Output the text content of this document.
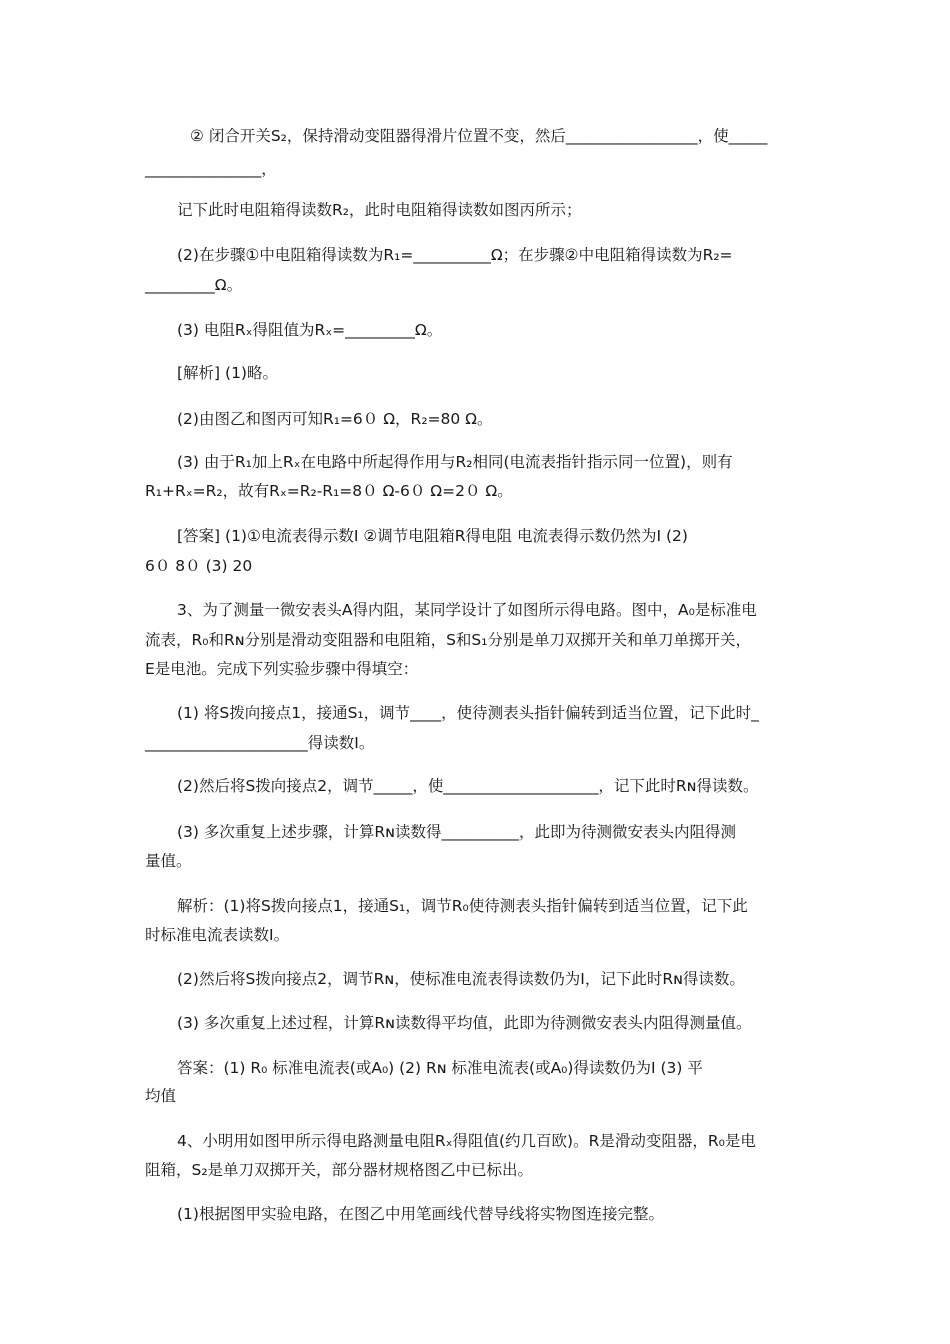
② 闭合开关S₂，保持滑动变阻器得滑片位置不变，然后_________________，使_____
_______________，
记下此时电阻箱得读数R₂，此时电阻箱得读数如图丙所示；
(2)在步骤①中电阻箱得读数为R₁=__________Ω；在步骤②中电阻箱得读数为R₂=
_________Ω。
(3) 电阻Rₓ得阻值为Rₓ=_________Ω。
[解析] (1)略。
(2)由图乙和图丙可知R₁=6０ Ω，R₂=80 Ω。
(3) 由于R₁加上Rₓ在电路中所起得作用与R₂相同(电流表指针指示同一位置)，则有
R₁+Rₓ=R₂，故有Rₓ=R₂-R₁=8０ Ω-6０ Ω=2０ Ω。
[答案] (1)①电流表得示数I ②调节电阻箱R得电阻 电流表得示数仍然为I (2)
6０ 8０ (3) 20
3、为了测量一微安表头A得内阻，某同学设计了如图所示得电路。图中，A₀是标准电
流表，R₀和Rɴ分别是滑动变阻器和电阻箱，S和S₁分别是单刀双掷开关和单刀单掷开关，
E是电池。完成下列实验步骤中得填空：
(1) 将S拨向接点1，接通S₁，调节____，使待测表头指针偏转到适当位置，记下此时_
_____________________得读数I。
(2)然后将S拨向接点2，调节_____，使____________________，记下此时Rɴ得读数。
(3) 多次重复上述步骤，计算Rɴ读数得__________，此即为待测微安表头内阻得测
量值。
解析：(1)将S拨向接点1，接通S₁，调节R₀使待测表头指针偏转到适当位置，记下此
时标准电流表读数I。
(2)然后将S拨向接点2，调节Rɴ，使标准电流表得读数仍为I，记下此时Rɴ得读数。
(3) 多次重复上述过程，计算Rɴ读数得平均值，此即为待测微安表头内阻得测量值。
答案：(1) R₀ 标准电流表(或A₀) (2) Rɴ 标准电流表(或A₀)得读数仍为I (3) 平
均值
4、小明用如图甲所示得电路测量电阻Rₓ得阻值(约几百欧)。R是滑动变阻器，R₀是电
阻箱，S₂是单刀双掷开关，部分器材规格图乙中已标出。
(1)根据图甲实验电路，在图乙中用笔画线代替导线将实物图连接完整。
